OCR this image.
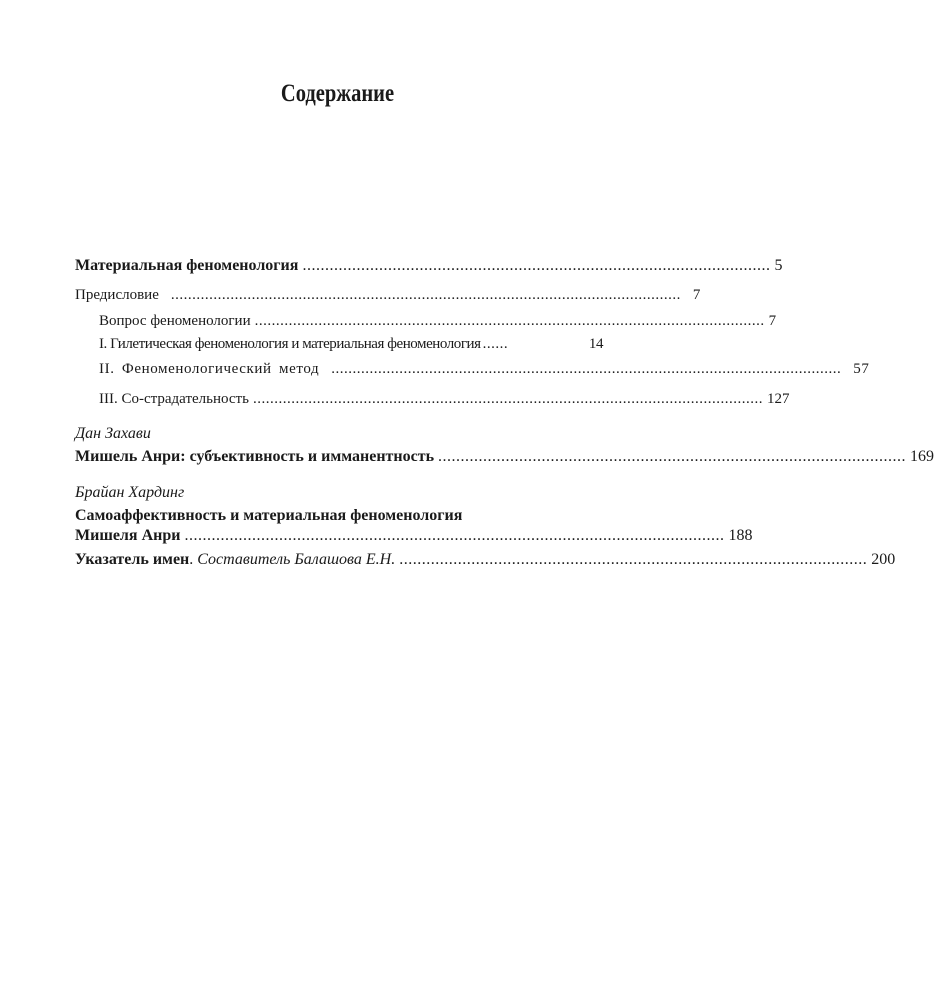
Содержание
Материальная феноменология ........................................................................................................ 5
Предисловие ........................................................................................................................ 7
Вопрос феноменологии ........................................................................................................................ 7
I. Гилетическая феноменология и материальная феноменология ......	14
II. Феноменологический метод ........................................................................................................................ 57
III. Со-страдательность ........................................................................................................................ 127
Дан Захави
Мишель Анри: субъективность и имманентность ........................................................................................................ 169
Брайан Хардинг
Самоаффективность и материальная феноменология
Мишеля Анри ........................................................................................................................ 188
Указатель имен. Составитель Балашова Е.Н. ........................................................................................................ 200
